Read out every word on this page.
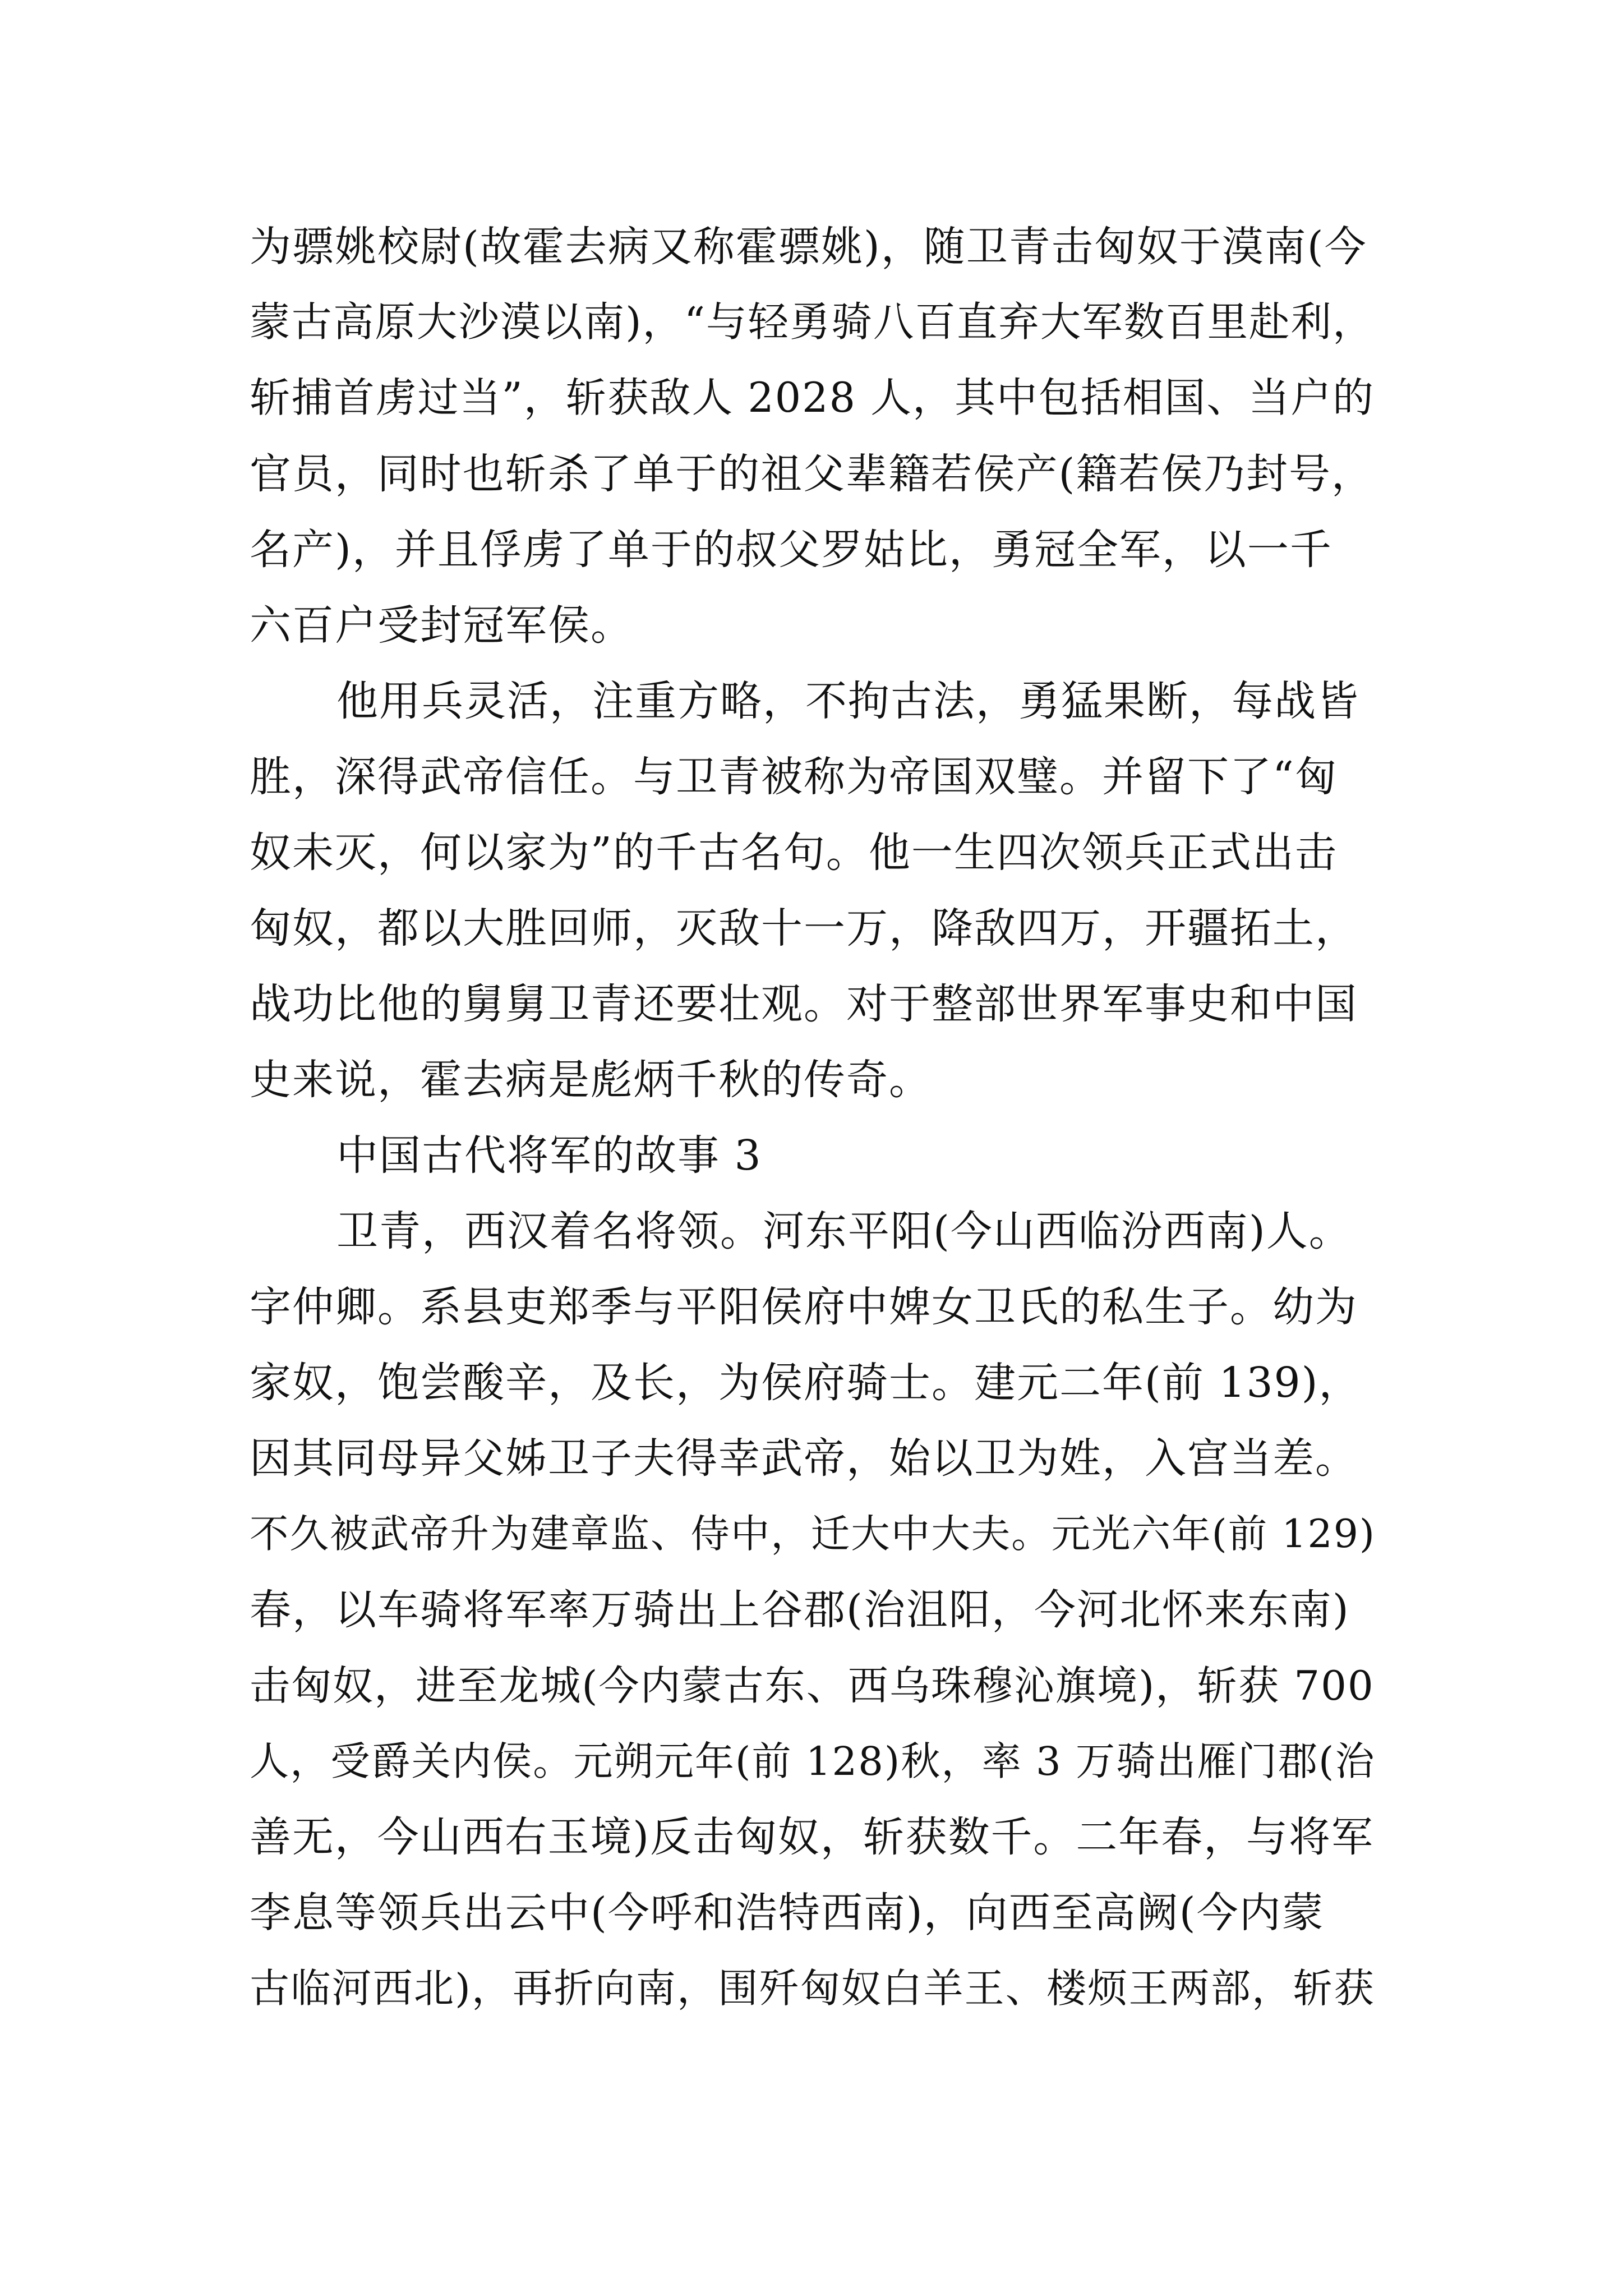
为骠姚校尉(故霍去病又称霍骠姚)，随卫青击匈奴于漠南(今
蒙古高原大沙漠以南)，“与轻勇骑八百直弃大军数百里赴利，
斩捕首虏过当”，斩获敌人 2028 人，其中包括相国、当户的
官员，同时也斩杀了单于的祖父辈籍若侯产(籍若侯乃封号，
名产)，并且俘虏了单于的叔父罗姑比，勇冠全军，以一千
六百户受封冠军侯。
他用兵灵活，注重方略，不拘古法，勇猛果断，每战皆
胜，深得武帝信任。与卫青被称为帝国双璧。并留下了“匈
奴未灭，何以家为”的千古名句。他一生四次领兵正式出击
匈奴，都以大胜回师，灭敌十一万，降敌四万，开疆拓土，
战功比他的舅舅卫青还要壮观。对于整部世界军事史和中国
史来说，霍去病是彪炳千秋的传奇。
中国古代将军的故事 3
卫青，西汉着名将领。河东平阳(今山西临汾西南)人。
字仲卿。系县吏郑季与平阳侯府中婢女卫氏的私生子。幼为
家奴，饱尝酸辛，及长，为侯府骑士。建元二年(前 139)，
因其同母异父姊卫子夫得幸武帝，始以卫为姓，入宫当差。
不久被武帝升为建章监、侍中，迁大中大夫。元光六年(前 129)
春，以车骑将军率万骑出上谷郡(治沮阳，今河北怀来东南)
击匈奴，进至龙城(今内蒙古东、西乌珠穆沁旗境)，斩获 700
人，受爵关内侯。元朔元年(前 128)秋，率 3 万骑出雁门郡(治
善无，今山西右玉境)反击匈奴，斩获数千。二年春，与将军
李息等领兵出云中(今呼和浩特西南)，向西至高阙(今内蒙
古临河西北)，再折向南，围歼匈奴白羊王、楼烦王两部，斩获
